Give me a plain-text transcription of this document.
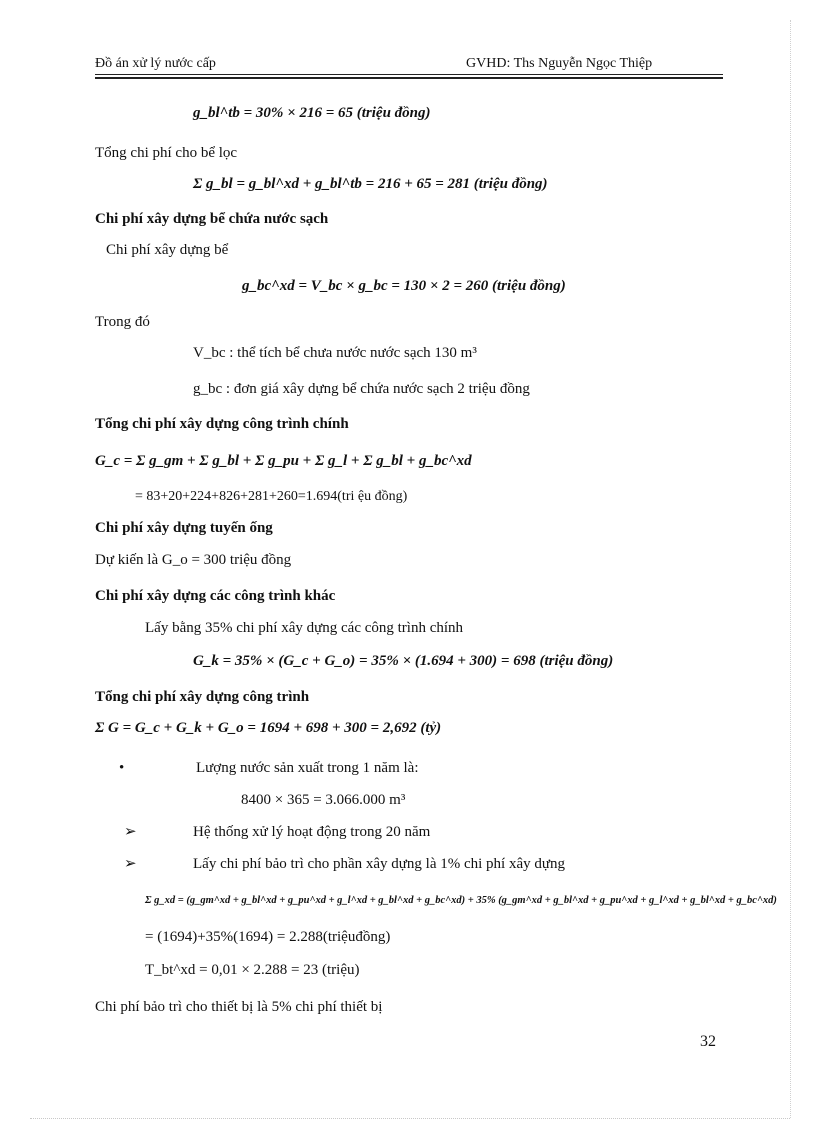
Đồ án xử lý nước cấp	GVHD: Ths Nguyễn Ngọc Thiệp
g_bl^tb = 30% × 216 = 65 (triệu đồng)
Tổng chi phí cho bể lọc
Σ g_bl = g_bl^xd + g_bl^tb = 216 + 65 = 281 (triệu đồng)
Chi phí xây dựng bể chứa nước sạch
Chi phí xây dựng bể
g_bc^xd = V_bc × g_bc = 130 × 2 = 260 (triệu đồng)
Trong đó
V_bc : thể tích bể chưa nước nước sạch 130 m³
g_bc : đơn giá xây dựng bể chứa nước sạch 2 triệu đồng
Tổng chi phí xây dựng công trình chính
G_c = Σ g_gm + Σ g_bl + Σ g_pu + Σ g_l + Σ g_bl + g_bc^xd
= 83+20+224+826+281+260=1.694(tri ệu đồng)
Chi phí xây dựng tuyến ống
Dự kiến là G_o = 300 triệu đồng
Chi phí xây dựng các công trình khác
Lấy bằng 35% chi phí xây dựng các công trình chính
G_k = 35% × (G_c + G_o) = 35% × (1.694 + 300) = 698 (triệu đồng)
Tổng chi phí xây dựng công trình
Σ G = G_c + G_k + G_o = 1694 + 698 + 300 = 2,692 (tỷ)
•	Lượng nước sản xuất trong 1 năm là:
8400 × 365 = 3.066.000 m³
➢	Hệ thống xử lý hoạt động trong 20 năm
➢	Lấy chi phí bảo trì cho phần xây dựng là 1% chi phí xây dựng
Σ g_xd = (g_gm^xd + g_bl^xd + g_pu^xd + g_l^xd + g_bl^xd + g_bc^xd) + 35% (g_gm^xd + g_bl^xd + g_pu^xd + g_l^xd + g_bl^xd + g_bc^xd)
= (1694)+35%(1694) = 2.288(triệuđồng)
T_bt^xd = 0,01 × 2.288 = 23 (triệu)
Chi phí bảo trì cho thiết bị là 5% chi phí thiết bị
32
